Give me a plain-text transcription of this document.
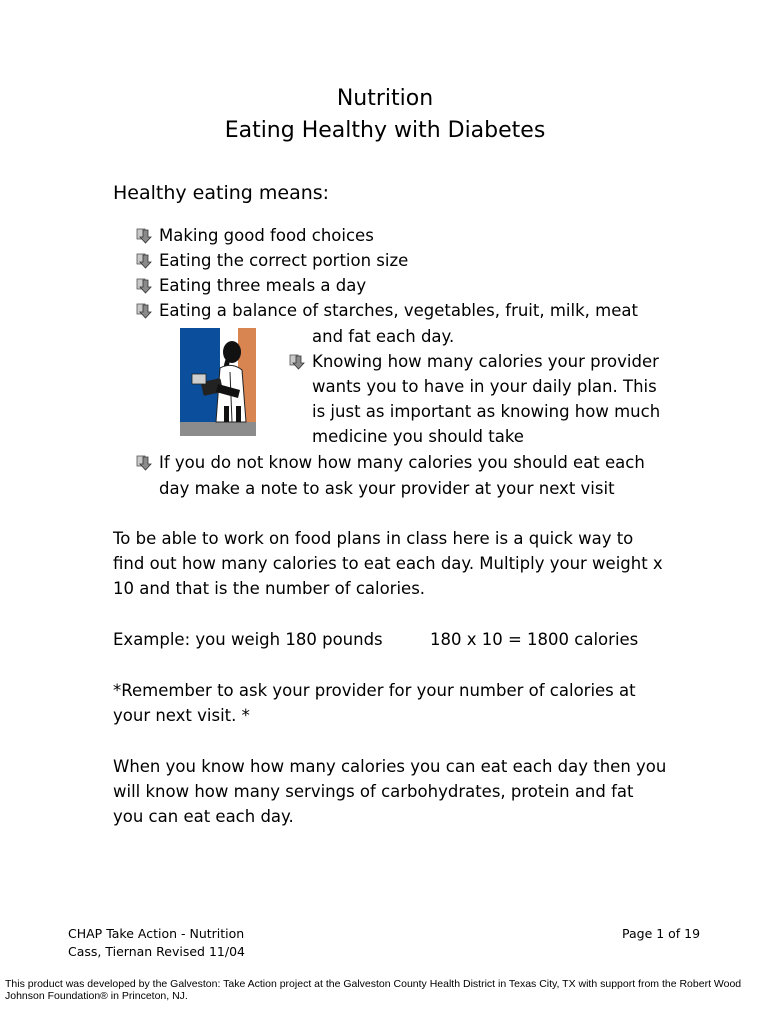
Nutrition
Eating Healthy with Diabetes
Healthy eating means:
Making good food choices
Eating the correct portion size
Eating three meals a day
Eating a balance of starches, vegetables, fruit, milk, meat
and fat each day.
Knowing how many calories your provider
wants you to have in your daily plan. This
is just as important as knowing how much
medicine you should take
If you do not know how many calories you should eat each
day make a note to ask your provider at your next visit
To be able to work on food plans in class here is a quick way to
find out how many calories to eat each day. Multiply your weight x
10 and that is the number of calories.
Example: you weigh 180 pounds	180 x 10 = 1800 calories
*Remember to ask your provider for your number of calories at
your next visit. *
When you know how many calories you can eat each day then you
will know how many servings of carbohydrates, protein and fat
you can eat each day.
CHAP Take Action - Nutrition
Cass, Tiernan Revised 11/04
Page 1 of 19
This product was developed by the Galveston: Take Action project at the Galveston County Health District in Texas City, TX with support from the Robert Wood Johnson Foundation® in Princeton, NJ.
